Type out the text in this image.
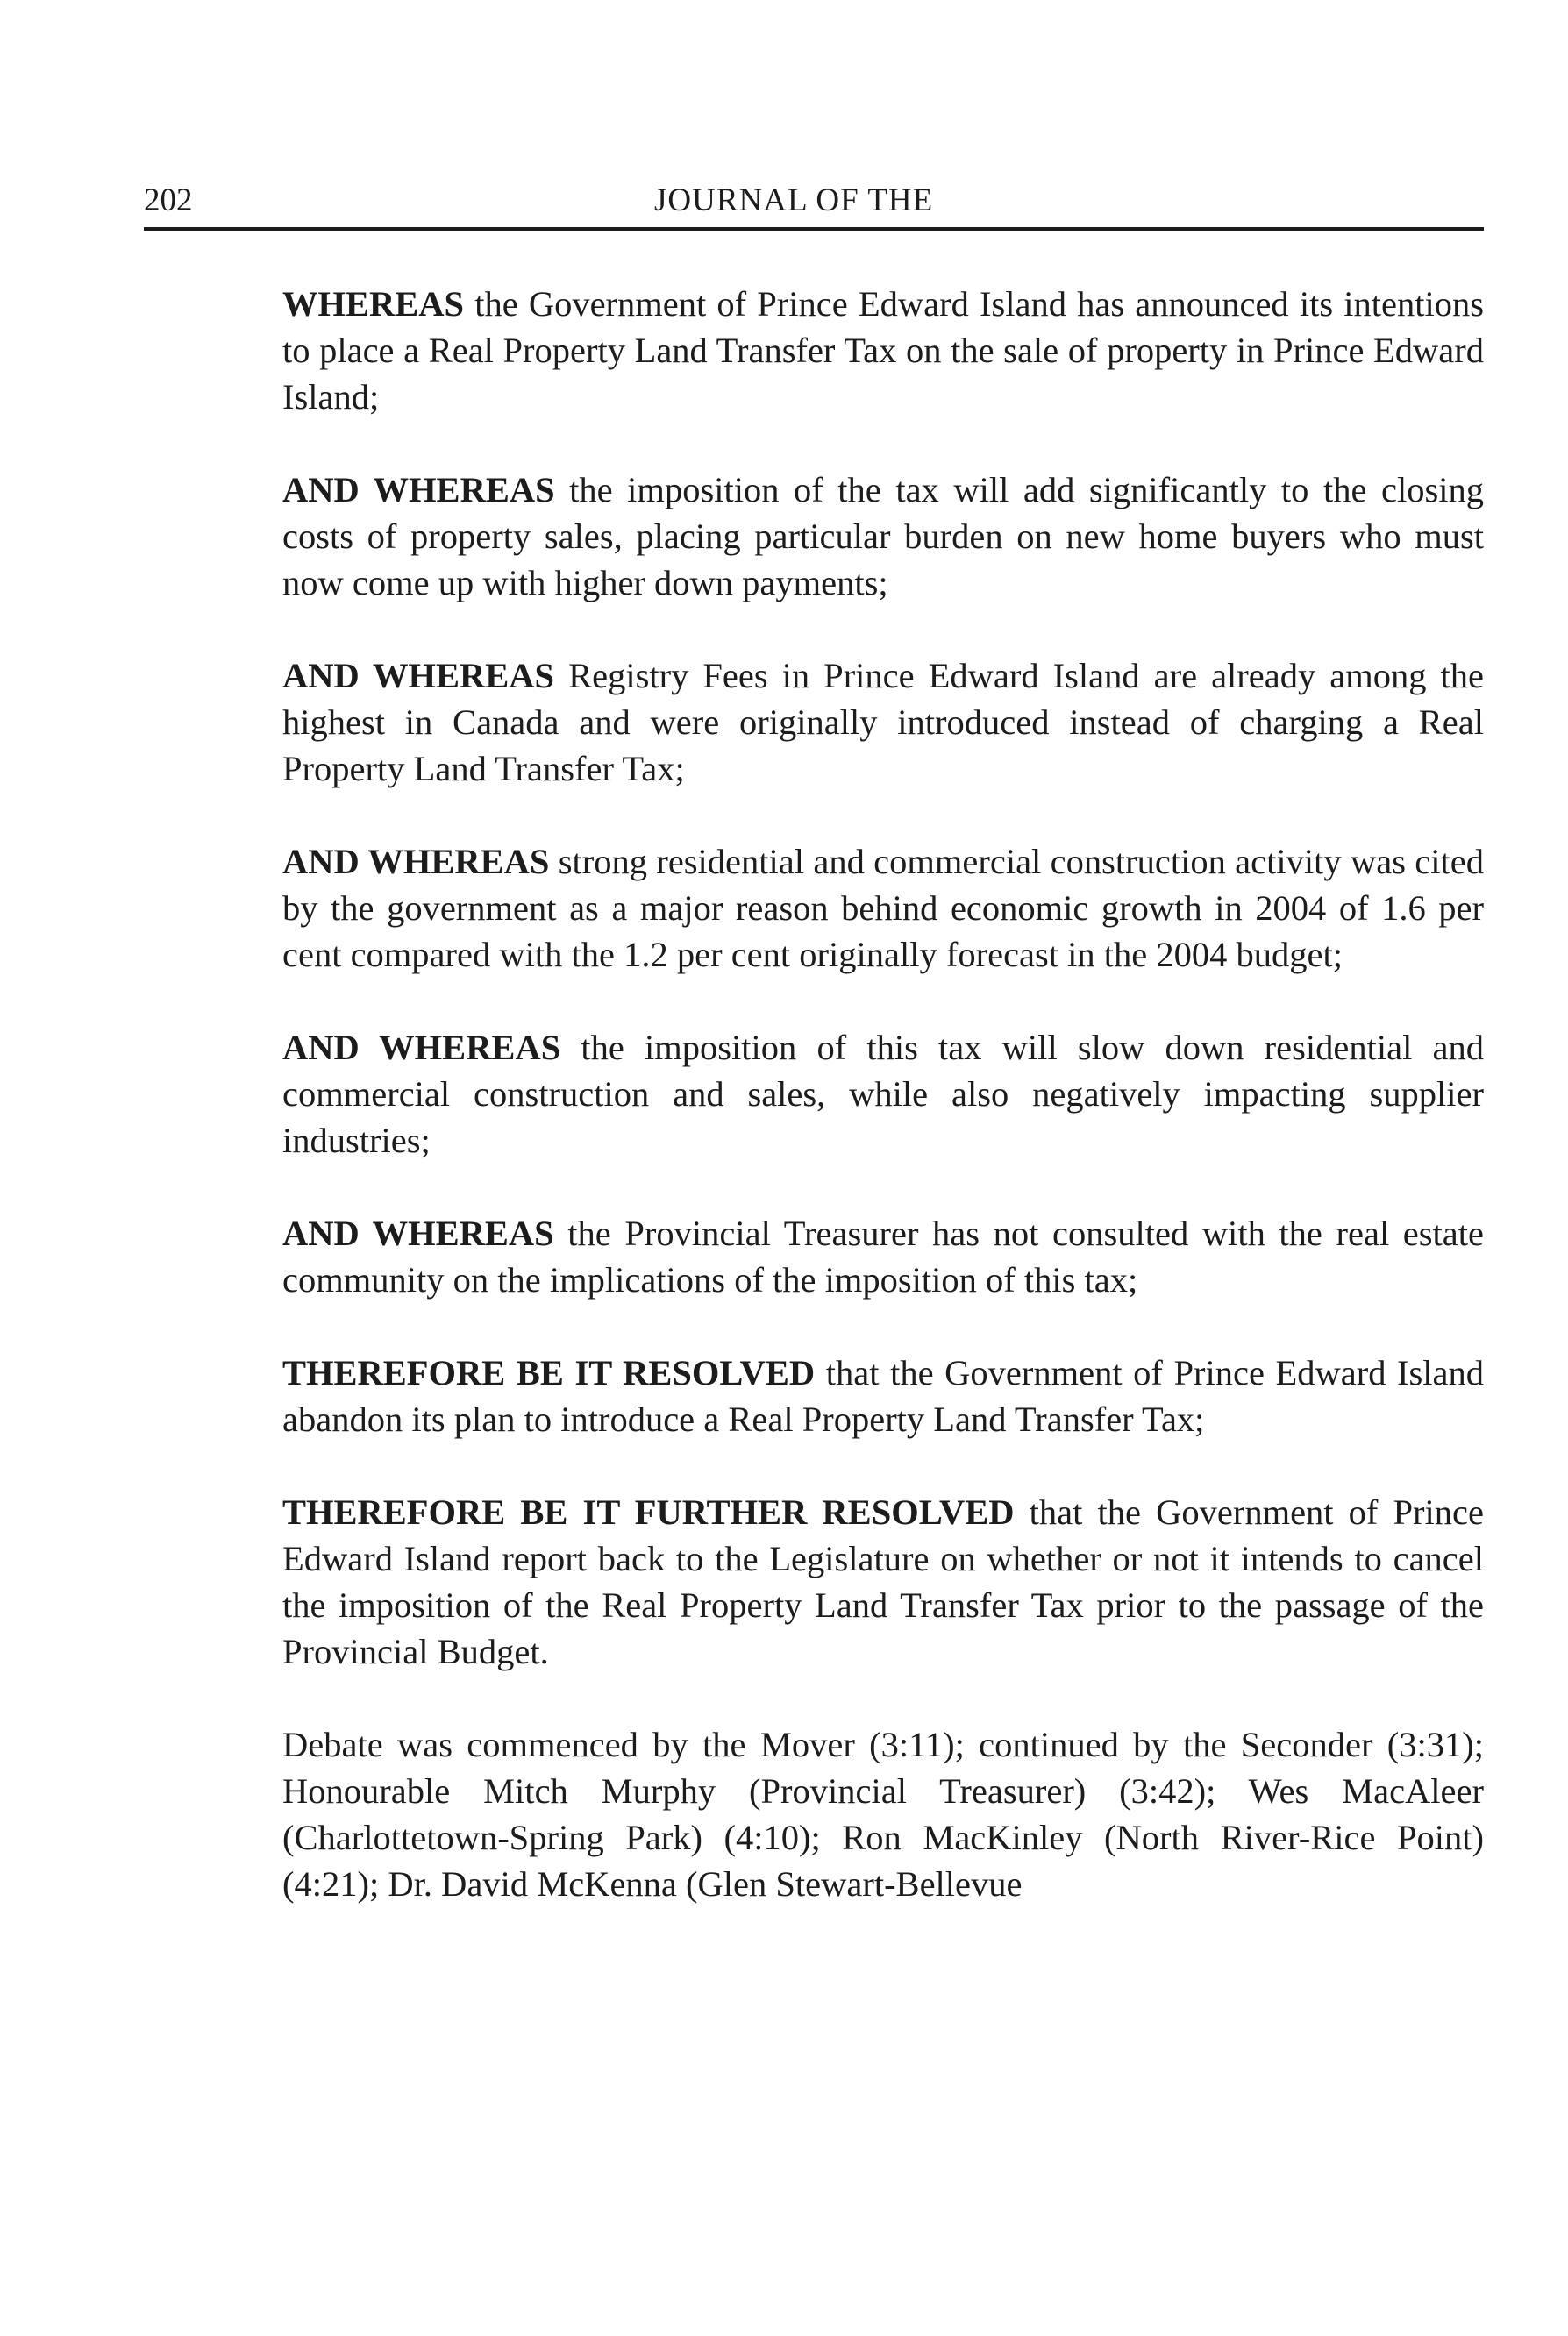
202	JOURNAL OF THE

WHEREAS the Government of Prince Edward Island has announced its intentions to place a Real Property Land Transfer Tax on the sale of property in Prince Edward Island;

AND WHEREAS the imposition of the tax will add significantly to the closing costs of property sales, placing particular burden on new home buyers who must now come up with higher down payments;

AND WHEREAS Registry Fees in Prince Edward Island are already among the highest in Canada and were originally introduced instead of charging a Real Property Land Transfer Tax;

AND WHEREAS strong residential and commercial construction activity was cited by the government as a major reason behind economic growth in 2004 of 1.6 per cent compared with the 1.2 per cent originally forecast in the 2004 budget;

AND WHEREAS the imposition of this tax will slow down residential and commercial construction and sales, while also negatively impacting supplier industries;

AND WHEREAS the Provincial Treasurer has not consulted with the real estate community on the implications of the imposition of this tax;

THEREFORE BE IT RESOLVED that the Government of Prince Edward Island abandon its plan to introduce a Real Property Land Transfer Tax;

THEREFORE BE IT FURTHER RESOLVED that the Government of Prince Edward Island report back to the Legislature on whether or not it intends to cancel the imposition of the Real Property Land Transfer Tax prior to the passage of the Provincial Budget.

Debate was commenced by the Mover (3:11); continued by the Seconder (3:31); Honourable Mitch Murphy (Provincial Treasurer) (3:42); Wes MacAleer (Charlottetown-Spring Park) (4:10); Ron MacKinley (North River-Rice Point) (4:21); Dr. David McKenna (Glen Stewart-Bellevue
